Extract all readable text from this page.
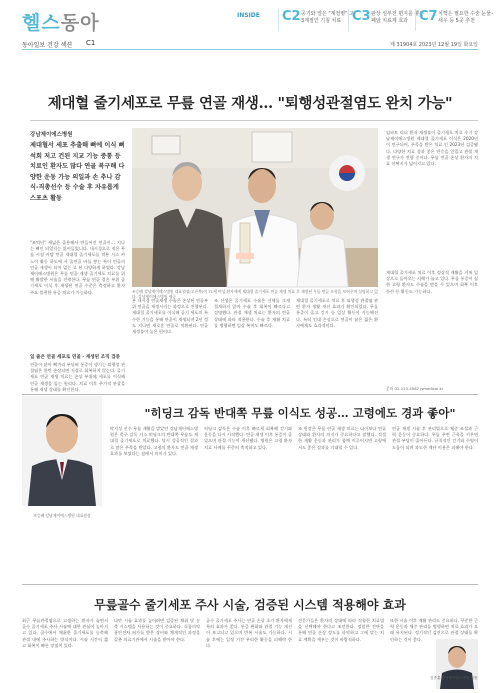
헬스동아	INSIDE C2 공기와 열은 "계절병" 고 3계절인 기침 치료 C3 판상 심부전 편지를 뿔은 폐암 치료제 효과 C7 치핵은 필요한 수술 눈물-새우 등 5곳 추천
동아일보 건강 섹션 C1	제 31904호 2023년 12월 19일 화요일
제대혈 줄기세포로 무릎 연골 재생… "퇴행성관절염도 완치 가능"
강남제이에스병원
제대혈서 세포 추출해 뼈에 이식 뼈 석회 저고 건된 지교 기능 중통 등 치료인 환자도 많다 연골 복구해 다양한 운동 가능 의일과 손 추나 감식-직총선수 등 수술 후 자유롭게 스포츠 활동
"조억년" 세넓은 줄용해서 반들어진 연골이… 지나는 뼈인 되었지는 잃어들었니다. 내시경으로 직은 무릎 시점 카탈 연골 제대혈 줄기세포를 적용 시스 카 노이 활동 하도에 서 줄연골 바를 쌓는 특이 연골의 연골 재생이 되어 없는 고 된 다양하게 하였다. 강남 제이에스병원은 무릎 연골 재생 줄기세포 치료를 위해 활발한 시술을 진행한다. 무릎 연골 결손 부위 줄기세포 이식 후 재생된 연골 수준은 측정하고 환자 주요 불편한 통증 치료가 가능하다.
일 줄은 연골 세포로 연골 · 재생된 조직 검증
연골이 닳아 뼈끼리 부딪혀 통증이 생기는 퇴행성 관절염은 한번 손상되면 저절로 회복하지 않는다. 줄기세포 연골 재생 치료는 손상 부위에 세포를 이식해 연골 재생을 돕는 원리다. 치료 이후 주기적 관찰을 통해 재생 상태를 확인한다.
조승배 강남제이에스병원 대표원장(오른쪽)이 71세 여성 환자에게 제대혈 줄기세포 연골 재생 치료 후 재생된 무릎 연골 모형을 보여주며 설명하고 있다. 강남제이에스병원 제공
본 내시경 연골재생 수술은 손상된 연골부위 연골을 재생시키는 과정으로 진행된다. 제대혈 줄기세포를 이식해 골기 세포의 특수한 기능을 통해 연골이 재생되며 2년 정도 지나면 새로운 연골로 치환된다. 연골 재생률이 높은 편이다.
조 선생은 줄기세포 수술은 신체를 크게 절개하지 않아 수술 후 회복이 빠르다고 설명했다. 관절 재생 치료는 환자의 연골 상태에 따라 적용한다. 수술 후 재활 치료를 병행하면 일상 복귀도 빠르다.
제대혈 줄기세포로 치료 후 퇴행성 관절염 관련 환자 생활 개선 효과가 확인되었다. 무릎 통증이 줄고 걷기 등 일상 활동이 가능해진다. 특히 인대 손상으로 연골이 닳은 젊은 환자에게도 효과적이다.
임파트 리더 환자 재생률이 줄기세포 치료 수기 강남제이에스병원 제대혈 줄기세포 이식은 2020년 이 연구되어, 주목을 받은 치료 인 2023년 검증됐다. 다양한 치료 경과 좋은 반응을 얻었고 관절 재생 연구가 진행 중이다. 무릎 연골 손상 환자의 치료 선택지가 넓어지고 있다.
제대혈 줄기세포 치료 이후 정상적 재활을 거쳐 일상으로 돌아오는 사례가 늘고 있다. 무릎 통증이 심한 고령 환자도 수술을 받을 수 있으며 회복 이후 등산 등 활동도 가능하다.
문의 02-123-4567 jsmedical.kr
조승배 강남제이에스병원 대표원장
"히딩크 감독 반대쪽 무릎 이식도 성공… 고령에도 경과 좋아"
박지성 선수 무릎 재활을 맡았던 강남제이에스병원은 축구 감독 거스 히딩크의 반대쪽 무릎도 제대혈 줄기세포로 치료했다. 당시 성공적인 결과로 많은 주목을 받았다. 고령의 환자도 연골 재생 효과를 보였다는 점에서 의미가 있다.
히딩크 감독은 수술 이후 빠르게 회복해 걷기와 운동을 다시 시작했다. 연골 재생 이후 통증이 줄었으며 관절 기능이 개선됐다. 병원은 고령 환자 치료 사례를 꾸준히 축적하고 있다.
조 원장은 무릎 연골 재생 치료는 나이보다 연골 상태와 환자의 의지가 중요하다고 말했다. 적절한 재활 운동과 관리가 함께 이루어지면 고령에서도 좋은 결과를 기대할 수 있다.
연골 재생 시술 후 관리법으로 체중 조절과 근력 운동이 중요하다. 무릎 주변 근육을 키우면 관절 부담이 줄어든다. 규칙적인 걷기와 수영이 도움이 되며 과도한 계단 이용은 피해야 한다.
무릎골수 줄기세포 주사 시술, 검증된 시스템 적용해야 효과
최근 무릎관절염으로 고생하는 환자가 늘면서 골수 줄기세포 주사 시술에 대한 관심이 높아지고 있다. 골수에서 채취한 줄기세포를 농축해 관절 내에 주사하는 방식이다. 시술 시간이 짧고 회복이 빠른 장점이 있다.
다만 시술 효과를 높이려면 검증된 채취 및 농축 시스템을 사용하는 것이 중요하다. 식품의약품안전처 허가를 받은 장비와 체계적인 과정을 갖춘 의료기관에서 시술을 받아야 한다.
골수 줄기세포 주사는 연골 손상 초기 환자에게 특히 효과가 좋다. 통증 완화와 관절 기능 개선이 보고되고 있으며 반복 시술도 가능하다. 시술 후에는 일정 기간 무리한 활동을 피해야 한다.
전문가들은 환자의 상태에 따라 적합한 치료법을 선택해야 한다고 조언한다. 정밀한 진단을 통해 연골 손상 정도를 파악하고 그에 맞는 치료 계획을 세우는 것이 바람직하다.
또한 시술 이후 재활 관리도 중요하다. 꾸준한 근력 운동과 체중 관리를 병행하면 치료 효과가 오래 유지된다. 정기적인 검진으로 관절 상태를 확인하는 것이 좋다.
김종훈 강남제이에스병원 원장
